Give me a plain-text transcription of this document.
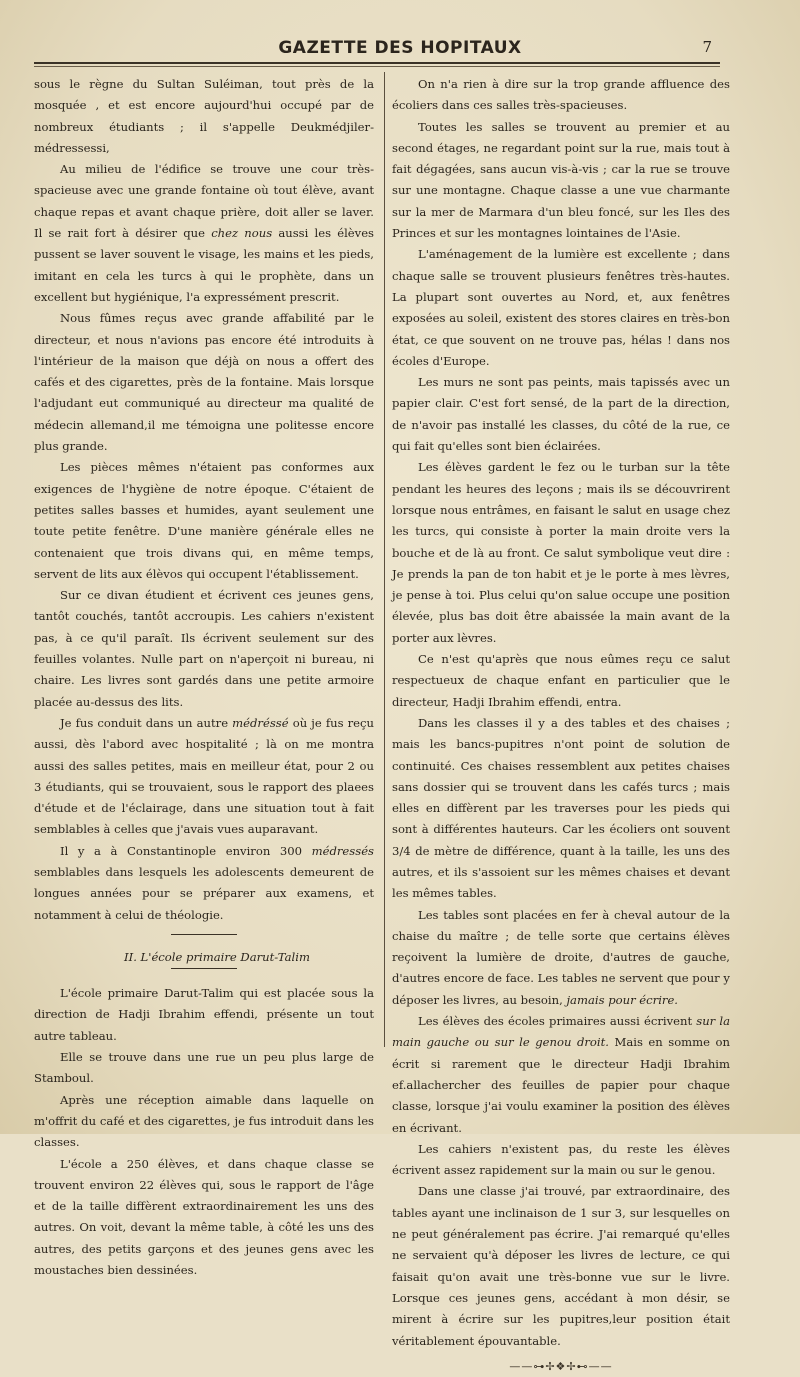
GAZETTE DES HOPITAUX	7

sous le règne du Sultan Suléiman, tout près de la mosquée , et est encore aujourd'hui occupé par de nombreux étudiants ; il s'appelle Deukmédjiler-médressessi,

Au milieu de l'édifice se trouve une cour très-spacieuse avec une grande fontaine où tout élève, avant chaque repas et avant chaque prière, doit aller se laver. Il se rait fort à désirer que chez nous aussi les élèves pussent se laver souvent le visage, les mains et les pieds, imitant en cela les turcs à qui le prophète, dans un excellent but hygiénique, l'a expressément prescrit.

Nous fûmes reçus avec grande affabilité par le directeur, et nous n'avions pas encore été introduits à l'intérieur de la maison que déjà on nous a offert des cafés et des cigarettes, près de la fontaine. Mais lorsque l'adjudant eut communiqué au directeur ma qualité de médecin allemand,il me témoigna une politesse encore plus grande.

Les pièces mêmes n'étaient pas conformes aux exigences de l'hygiène de notre époque. C'étaient de petites salles basses et humides, ayant seulement une toute petite fenêtre. D'une manière générale elles ne contenaient que trois divans qui, en même temps, servent de lits aux élèvos qui occupent l'établissement.

Sur ce divan étudient et écrivent ces jeunes gens, tantôt couchés, tantôt accroupis. Les cahiers n'existent pas, à ce qu'il paraît. Ils écrivent seulement sur des feuilles volantes. Nulle part on n'aperçoit ni bureau, ni chaire. Les livres sont gardés dans une petite armoire placée au-dessus des lits.

Je fus conduit dans un autre médréssé où je fus reçu aussi, dès l'abord avec hospitalité ; là on me montra aussi des salles petites, mais en meilleur état, pour 2 ou 3 étudiants, qui se trouvaient, sous le rapport des plaees d'étude et de l'éclairage, dans une situation tout à fait semblables à celles que j'avais vues auparavant.

Il y a à Constantinople environ 300 médressés semblables dans lesquels les adolescents demeurent de longues années pour se préparer aux examens, et notamment à celui de théologie.

II. L'école primaire Darut-Talim

L'école primaire Darut-Talim qui est placée sous la direction de Hadji Ibrahim effendi, présente un tout autre tableau.

Elle se trouve dans une rue un peu plus large de Stamboul.

Après une réception aimable dans laquelle on m'offrit du café et des cigarettes, je fus introduit dans les classes.

L'école a 250 élèves, et dans chaque classe se trouvent environ 22 élèves qui, sous le rapport de l'âge et de la taille diffèrent extraordinairement les uns des autres. On voit, devant la même table, à côté les uns des autres, des petits garçons et des jeunes gens avec les moustaches bien dessinées.

On n'a rien à dire sur la trop grande affluence des écoliers dans ces salles très-spacieuses.

Toutes les salles se trouvent au premier et au second étages, ne regardant point sur la rue, mais tout à fait dégagées, sans aucun vis-à-vis ; car la rue se trouve sur une montagne. Chaque classe a une vue charmante sur la mer de Marmara d'un bleu foncé, sur les Iles des Princes et sur les montagnes lointaines de l'Asie.

L'aménagement de la lumière est excellente ; dans chaque salle se trouvent plusieurs fenêtres très-hautes. La plupart sont ouvertes au Nord, et, aux fenêtres exposées au soleil, existent des stores claires en très-bon état, ce que souvent on ne trouve pas, hélas ! dans nos écoles d'Europe.

Les murs ne sont pas peints, mais tapissés avec un papier clair. C'est fort sensé, de la part de la direction, de n'avoir pas installé les classes, du côté de la rue, ce qui fait qu'elles sont bien éclairées.

Les élèves gardent le fez ou le turban sur la tête pendant les heures des leçons ; mais ils se découvrirent lorsque nous entrâmes, en faisant le salut en usage chez les turcs, qui consiste à porter la main droite vers la bouche et de là au front. Ce salut symbolique veut dire : Je prends la pan de ton habit et je le porte à mes lèvres, je pense à toi. Plus celui qu'on salue occupe une position élevée, plus bas doit être abaissée la main avant de la porter aux lèvres.

Ce n'est qu'après que nous eûmes reçu ce salut respectueux de chaque enfant en particulier que le directeur, Hadji Ibrahim effendi, entra.

Dans les classes il y a des tables et des chaises ; mais les bancs-pupitres n'ont point de solution de continuité. Ces chaises ressemblent aux petites chaises sans dossier qui se trouvent dans les cafés turcs ; mais elles en diffèrent par les traverses pour les pieds qui sont à différentes hauteurs. Car les écoliers ont souvent 3/4 de mètre de différence, quant à la taille, les uns des autres, et ils s'assoient sur les mêmes chaises et devant les mêmes tables.

Les tables sont placées en fer à cheval autour de la chaise du maître ; de telle sorte que certains élèves reçoivent la lumière de droite, d'autres de gauche, d'autres encore de face. Les tables ne servent que pour y déposer les livres, au besoin, jamais pour écrire.

Les élèves des écoles primaires aussi écrivent sur la main gauche ou sur le genou droit. Mais en somme on écrit si rarement que le directeur Hadji Ibrahim ef.allachercher des feuilles de papier pour chaque classe, lorsque j'ai voulu examiner la position des élèves en écrivant.

Les cahiers n'existent pas, du reste les élèves écrivent assez rapidement sur la main ou sur le genou.

Dans une classe j'ai trouvé, par extraordinaire, des tables ayant une inclinaison de 1 sur 3, sur lesquelles on ne peut généralement pas écrire. J'ai remarqué qu'elles ne servaient qu'à déposer les livres de lecture, ce qui faisait qu'on avait une très-bonne vue sur le livre. Lorsque ces jeunes gens, accédant à mon désir, se mirent à écrire sur les pupitres,leur position était véritablement épouvantable.

——⊶✢❖✢⊷——
